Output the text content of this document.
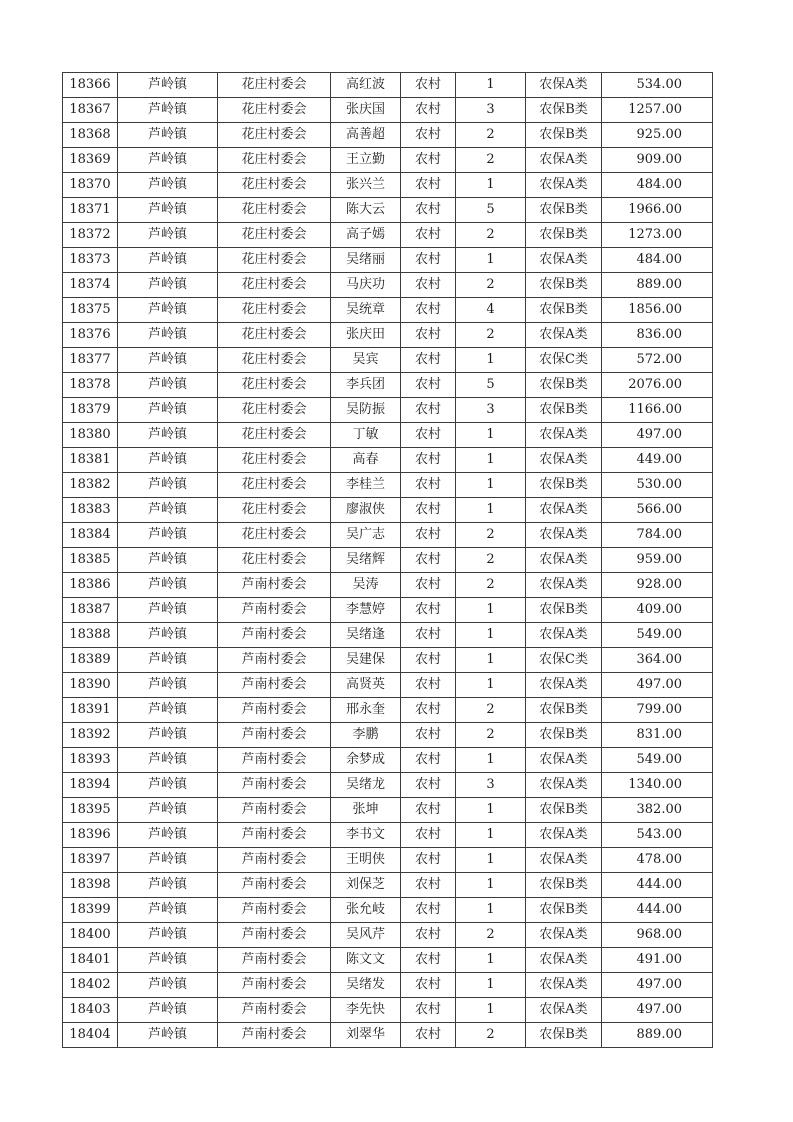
18366	芦岭镇	花庄村委会	高红波	农村	1	农保A类	534.00
18367	芦岭镇	花庄村委会	张庆国	农村	3	农保B类	1257.00
18368	芦岭镇	花庄村委会	高善超	农村	2	农保B类	925.00
18369	芦岭镇	花庄村委会	王立勤	农村	2	农保A类	909.00
18370	芦岭镇	花庄村委会	张兴兰	农村	1	农保A类	484.00
18371	芦岭镇	花庄村委会	陈大云	农村	5	农保B类	1966.00
18372	芦岭镇	花庄村委会	高子嫣	农村	2	农保B类	1273.00
18373	芦岭镇	花庄村委会	吴绪丽	农村	1	农保A类	484.00
18374	芦岭镇	花庄村委会	马庆功	农村	2	农保B类	889.00
18375	芦岭镇	花庄村委会	吴统章	农村	4	农保B类	1856.00
18376	芦岭镇	花庄村委会	张庆田	农村	2	农保A类	836.00
18377	芦岭镇	花庄村委会	吴宾	农村	1	农保C类	572.00
18378	芦岭镇	花庄村委会	李兵团	农村	5	农保B类	2076.00
18379	芦岭镇	花庄村委会	吴防振	农村	3	农保B类	1166.00
18380	芦岭镇	花庄村委会	丁敏	农村	1	农保A类	497.00
18381	芦岭镇	花庄村委会	高春	农村	1	农保A类	449.00
18382	芦岭镇	花庄村委会	李桂兰	农村	1	农保B类	530.00
18383	芦岭镇	花庄村委会	廖淑侠	农村	1	农保A类	566.00
18384	芦岭镇	花庄村委会	吴广志	农村	2	农保A类	784.00
18385	芦岭镇	花庄村委会	吴绪辉	农村	2	农保A类	959.00
18386	芦岭镇	芦南村委会	吴涛	农村	2	农保A类	928.00
18387	芦岭镇	芦南村委会	李慧婷	农村	1	农保B类	409.00
18388	芦岭镇	芦南村委会	吴绪逢	农村	1	农保A类	549.00
18389	芦岭镇	芦南村委会	吴建保	农村	1	农保C类	364.00
18390	芦岭镇	芦南村委会	高贤英	农村	1	农保A类	497.00
18391	芦岭镇	芦南村委会	邢永奎	农村	2	农保B类	799.00
18392	芦岭镇	芦南村委会	李鹏	农村	2	农保B类	831.00
18393	芦岭镇	芦南村委会	余梦成	农村	1	农保A类	549.00
18394	芦岭镇	芦南村委会	吴绪龙	农村	3	农保A类	1340.00
18395	芦岭镇	芦南村委会	张坤	农村	1	农保B类	382.00
18396	芦岭镇	芦南村委会	李书文	农村	1	农保A类	543.00
18397	芦岭镇	芦南村委会	王明侠	农村	1	农保A类	478.00
18398	芦岭镇	芦南村委会	刘保芝	农村	1	农保B类	444.00
18399	芦岭镇	芦南村委会	张允岐	农村	1	农保B类	444.00
18400	芦岭镇	芦南村委会	吴风芹	农村	2	农保A类	968.00
18401	芦岭镇	芦南村委会	陈文文	农村	1	农保A类	491.00
18402	芦岭镇	芦南村委会	吴绪发	农村	1	农保A类	497.00
18403	芦岭镇	芦南村委会	李先快	农村	1	农保A类	497.00
18404	芦岭镇	芦南村委会	刘翠华	农村	2	农保B类	889.00
